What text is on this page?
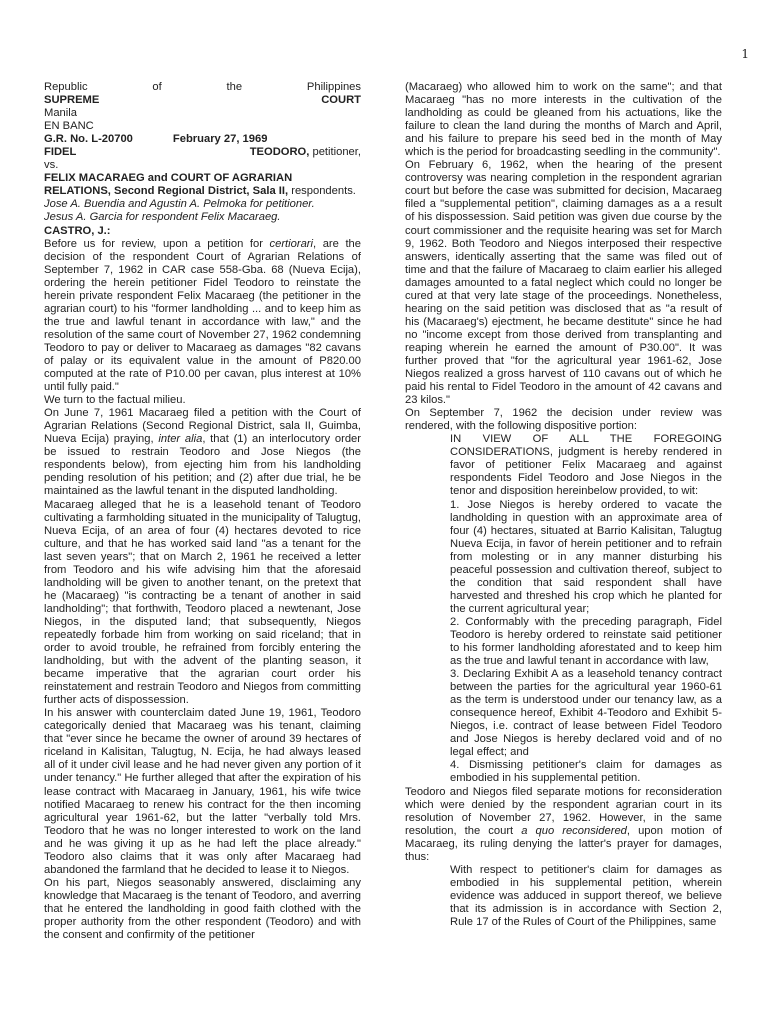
1
Republic	of	the	Philippines
SUPREME	COURT

Manila

EN BANC

G.R. No. L-20700	February 27, 1969

FIDEL	TEODORO, petitioner,

vs.

FELIX MACARAEG and COURT OF AGRARIAN

RELATIONS, Second Regional District, Sala II, respondents.

Jose A. Buendia and Agustin A. Pelmoka for petitioner.

Jesus A. Garcia for respondent Felix Macaraeg.

CASTRO, J.:

Before us for review, upon a petition for certiorari, are the decision of the respondent Court of Agrarian Relations of September 7, 1962 in CAR case 558-Gba. 68 (Nueva Ecija), ordering the herein petitioner Fidel Teodoro to reinstate the herein private respondent Felix Macaraeg (the petitioner in the agrarian court) to his "former landholding ... and to keep him as the true and lawful tenant in accordance with law," and the resolution of the same court of November 27, 1962 condemning Teodoro to pay or deliver to Macaraeg as damages "82 cavans of palay or its equivalent value in the amount of P820.00 computed at the rate of P10.00 per cavan, plus interest at 10% until fully paid."

We turn to the factual milieu.

On June 7, 1961 Macaraeg filed a petition with the Court of Agrarian Relations (Second Regional District, sala II, Guimba, Nueva Ecija) praying, inter alia, that (1) an interlocutory order be issued to restrain Teodoro and Jose Niegos (the respondents below), from ejecting him from his landholding pending resolution of his petition; and (2) after due trial, he be maintained as the lawful tenant in the disputed landholding.

Macaraeg alleged that he is a leasehold tenant of Teodoro cultivating a farmholding situated in the municipality of Talugtug, Nueva Ecija, of an area of four (4) hectares devoted to rice culture, and that he has worked said land "as a tenant for the last seven years"; that on March 2, 1961 he received a letter from Teodoro and his wife advising him that the aforesaid landholding will be given to another tenant, on the pretext that he (Macaraeg) "is contracting be a tenant of another in said landholding"; that forthwith, Teodoro placed a newtenant, Jose Niegos, in the disputed land; that subsequently, Niegos repeatedly forbade him from working on said riceland; that in order to avoid trouble, he refrained from forcibly entering the landholding, but with the advent of the planting season, it became imperative that the agrarian court order his reinstatement and restrain Teodoro and Niegos from committing further acts of dispossession.

In his answer with counterclaim dated June 19, 1961, Teodoro categorically denied that Macaraeg was his tenant, claiming that "ever since he became the owner of around 39 hectares of riceland in Kalisitan, Talugtug, N. Ecija, he had always leased all of it under civil lease and he had never given any portion of it under tenancy." He further alleged that after the expiration of his lease contract with Macaraeg in January, 1961, his wife twice notified Macaraeg to renew his contract for the then incoming agricultural year 1961-62, but the latter "verbally told Mrs. Teodoro that he was no longer interested to work on the land and he was giving it up as he had left the place already." Teodoro also claims that it was only after Macaraeg had abandoned the farmland that he decided to lease it to Niegos.

On his part, Niegos seasonably answered, disclaiming any knowledge that Macaraeg is the tenant of Teodoro, and averring that he entered the landholding in good faith clothed with the proper authority from the other respondent (Teodoro) and with the consent and confirmity of the petitioner

(Macaraeg) who allowed him to work on the same"; and that Macaraeg "has no more interests in the cultivation of the landholding as could be gleaned from his actuations, like the failure to clean the land during the months of March and April, and his failure to prepare his seed bed in the month of May which is the period for broadcasting seedling in the community".

On February 6, 1962, when the hearing of the present controversy was nearing completion in the respondent agrarian court but before the case was submitted for decision, Macaraeg filed a "supplemental petition", claiming damages as a a result of his dispossession. Said petition was given due course by the court commissioner and the requisite hearing was set for March 9, 1962. Both Teodoro and Niegos interposed their respective answers, identically asserting that the same was filed out of time and that the failure of Macaraeg to claim earlier his alleged damages amounted to a fatal neglect which could no longer be cured at that very late stage of the proceedings. Nonetheless, hearing on the said petition was disclosed that as "a result of his (Macaraeg's) ejectment, he became destitute" since he had no "income except from those derived from transplanting and reaping wherein he earned the amount of P30.00". It was further proved that "for the agricultural year 1961-62, Jose Niegos realized a gross harvest of 110 cavans out of which he paid his rental to Fidel Teodoro in the amount of 42 cavans and 23 kilos."

On September 7, 1962 the decision under review was rendered, with the following dispositive portion:

IN VIEW OF ALL THE FOREGOING CONSIDERATIONS, judgment is hereby rendered in favor of petitioner Felix Macaraeg and against respondents Fidel Teodoro and Jose Niegos in the tenor and disposition hereinbelow provided, to wit:

1. Jose Niegos is hereby ordered to vacate the landholding in question with an approximate area of four (4) hectares, situated at Barrio Kalisitan, Talugtug Nueva Ecija, in favor of herein petitioner and to refrain from molesting or in any manner disturbing his peaceful possession and cultivation thereof, subject to the condition that said respondent shall have harvested and threshed his crop which he planted for the current agricultural year;

2. Conformably with the preceding paragraph, Fidel Teodoro is hereby ordered to reinstate said petitioner to his former landholding aforestated and to keep him as the true and lawful tenant in accordance with law,

3. Declaring Exhibit A as a leasehold tenancy contract between the parties for the agricultural year 1960-61 as the term is understood under our tenancy law, as a consequence hereof, Exhibit 4-Teodoro and Exhibit 5-Niegos, i.e. contract of lease between Fidel Teodoro and Jose Niegos is hereby declared void and of no legal effect; and

4. Dismissing petitioner's claim for damages as embodied in his supplemental petition.

Teodoro and Niegos filed separate motions for reconsideration which were denied by the respondent agrarian court in its resolution of November 27, 1962. However, in the same resolution, the court a quo reconsidered, upon motion of Macaraeg, its ruling denying the latter's prayer for damages, thus:

With respect to petitioner's claim for damages as embodied in his supplemental petition, wherein evidence was adduced in support thereof, we believe that its admission is in accordance with Section 2, Rule 17 of the Rules of Court of the Philippines, same
